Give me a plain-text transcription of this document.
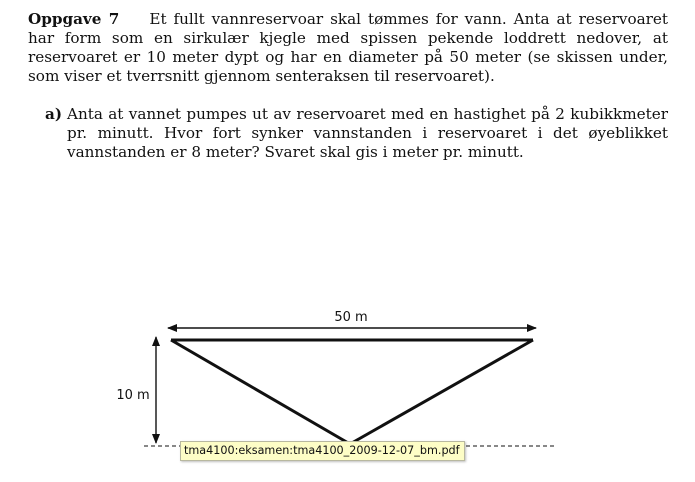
Oppgave 7 Et fullt vannreservoar skal tømmes for vann. Anta at reservoaret har form som en sirkulær kjegle med spissen pekende loddrett nedover, at reservoaret er 10 meter dypt og har en diameter på 50 meter (se skissen under, som viser et tverrsnitt gjennom senteraksen til reservoaret).
a) Anta at vannet pumpes ut av reservoaret med en hastighet på 2 kubikkmeter pr. minutt. Hvor fort synker vannstanden i reservoaret i det øyeblikket vannstanden er 8 meter? Svaret skal gis i meter pr. minutt.
50 m
10 m
tma4100:eksamen:tma4100_2009-12-07_bm.pdf
